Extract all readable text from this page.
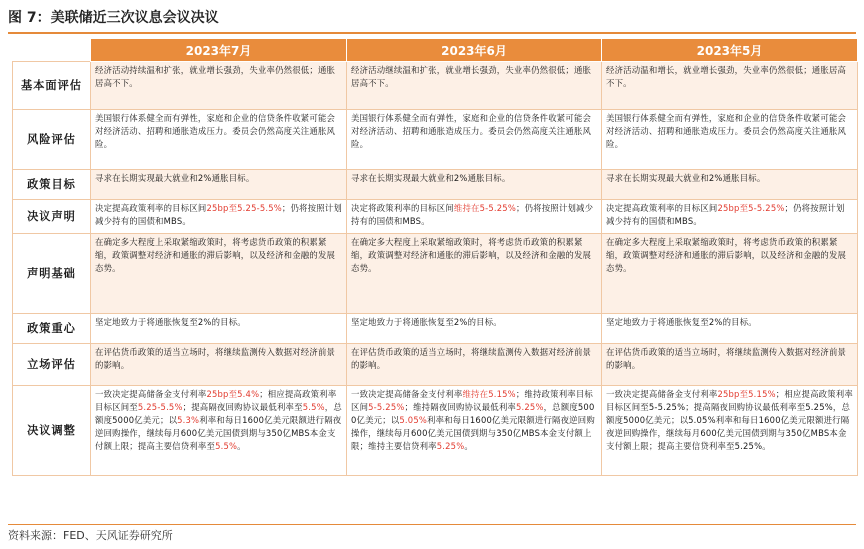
图 7：美联储近三次议息会议决议
	2023年7月	2023年6月	2023年5月
基本面评估	经济活动持续温和扩张，就业增长强劲，失业率仍然很低；通胀居高不下。	经济活动继续温和扩张，就业增长强劲，失业率仍然很低；通胀居高不下。	经济活动温和增长，就业增长强劲，失业率仍然很低；通胀居高不下。

风险评估	美国银行体系健全而有弹性，家庭和企业的信贷条件收紧可能会对经济活动、招聘和通胀造成压力。委员会仍然高度关注通胀风险。	美国银行体系健全而有弹性，家庭和企业的信贷条件收紧可能会对经济活动、招聘和通胀造成压力。委员会仍然高度关注通胀风险。	美国银行体系健全而有弹性，家庭和企业的信贷条件收紧可能会对经济活动、招聘和通胀造成压力。委员会仍然高度关注通胀风险。

政策目标	寻求在长期实现最大就业和2%通胀目标。	寻求在长期实现最大就业和2%通胀目标。	寻求在长期实现最大就业和2%通胀目标。

决议声明	决定提高政策利率的目标区间25bp至5.25-5.5%；仍将按照计划减少持有的国债和MBS。	决定将政策利率的目标区间维持在5-5.25%；仍将按照计划减少持有的国债和MBS。	决定提高政策利率的目标区间25bp至5-5.25%；仍将按照计划减少持有的国债和MBS。

声明基础	在确定多大程度上采取紧缩政策时，将考虑货币政策的积累紧缩，政策调整对经济和通胀的滞后影响，以及经济和金融的发展态势。	在确定多大程度上采取紧缩政策时，将考虑货币政策的积累紧缩，政策调整对经济和通胀的滞后影响，以及经济和金融的发展态势。	在确定多大程度上采取紧缩政策时，将考虑货币政策的积累紧缩，政策调整对经济和通胀的滞后影响，以及经济和金融的发展态势。

政策重心	坚定地致力于将通胀恢复至2%的目标。	坚定地致力于将通胀恢复至2%的目标。	坚定地致力于将通胀恢复至2%的目标。

立场评估	在评估货币政策的适当立场时，将继续监测传入数据对经济前景的影响。	在评估货币政策的适当立场时，将继续监测传入数据对经济前景的影响。	在评估货币政策的适当立场时，将继续监测传入数据对经济前景的影响。

决议调整	一致决定提高储备金支付利率25bp至5.4%；相应提高政策利率目标区间至5.25-5.5%；提高隔夜回购协议最低利率至5.5%，总额度5000亿美元；以5.3%利率和每日1600亿美元限额进行隔夜逆回购操作，继续每月600亿美元国债到期与350亿MBS本金支付额上限；提高主要信贷利率至5.5%。	一致决定提高储备金支付利率维持在5.15%；维持政策利率目标区间5-5.25%；维持隔夜回购协议最低利率5.25%，总额度5000亿美元；以5.05%利率和每日1600亿美元限额进行隔夜逆回购操作，继续每月600亿美元国债到期与350亿MBS本金支付额上限；维持主要信贷利率5.25%。	一致决定提高储备金支付利率25bp至5.15%；相应提高政策利率目标区间至5-5.25%；提高隔夜回购协议最低利率至5.25%，总额度5000亿美元；以5.05%利率和每日1600亿美元限额进行隔夜逆回购操作，继续每月600亿美元国债到期与350亿MBS本金支付额上限；提高主要信贷利率至5.25%。
资料来源：FED、天风证券研究所
